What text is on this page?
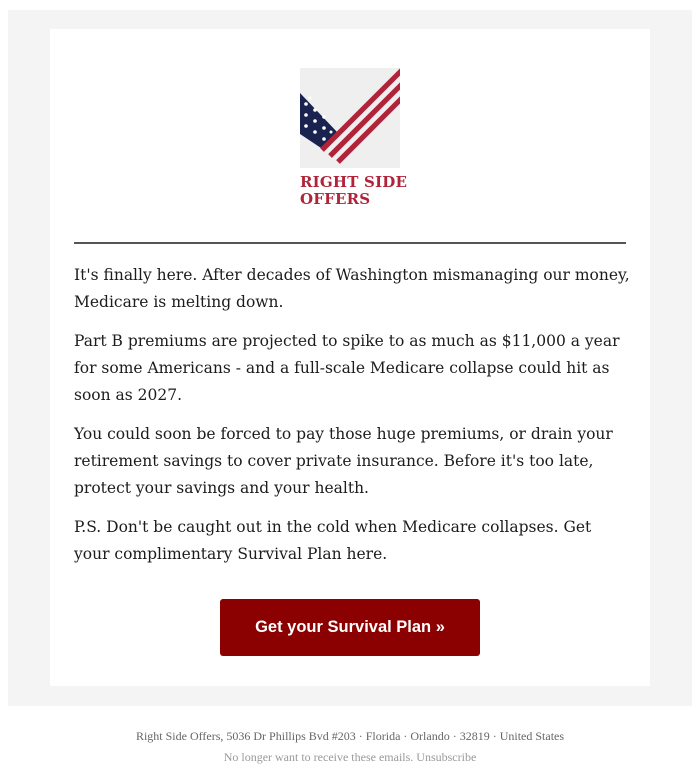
RIGHT SIDE
OFFERS

It's finally here. After decades of Washington mismanaging our money, Medicare is melting down.

Part B premiums are projected to spike to as much as $11,000 a year for some Americans - and a full-scale Medicare collapse could hit as soon as 2027.

You could soon be forced to pay those huge premiums, or drain your retirement savings to cover private insurance. Before it's too late, protect your savings and your health.

P.S. Don't be caught out in the cold when Medicare collapses. Get your complimentary Survival Plan here.

Get your Survival Plan »
Right Side Offers, 5036 Dr Phillips Bvd #203 · Florida · Orlando · 32819 · United States
No longer want to receive these emails. Unsubscribe
